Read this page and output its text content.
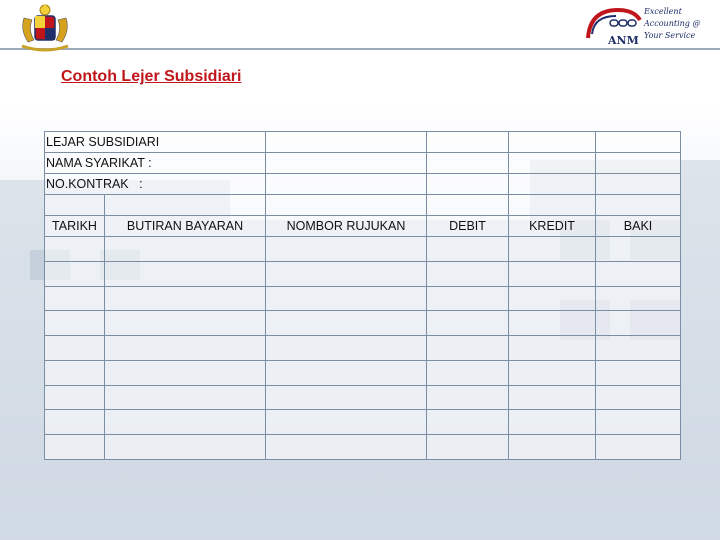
ANM
Excellent
Accounting @
Your Service
Contoh Lejer Subsidiari
LEJAR SUBSIDIARI					
NAMA SYARIKAT :					
NO.KONTRAK   :					

TARIKH	BUTIRAN BAYARAN	NOMBOR RUJUKAN	DEBIT	KREDIT	BAKI
